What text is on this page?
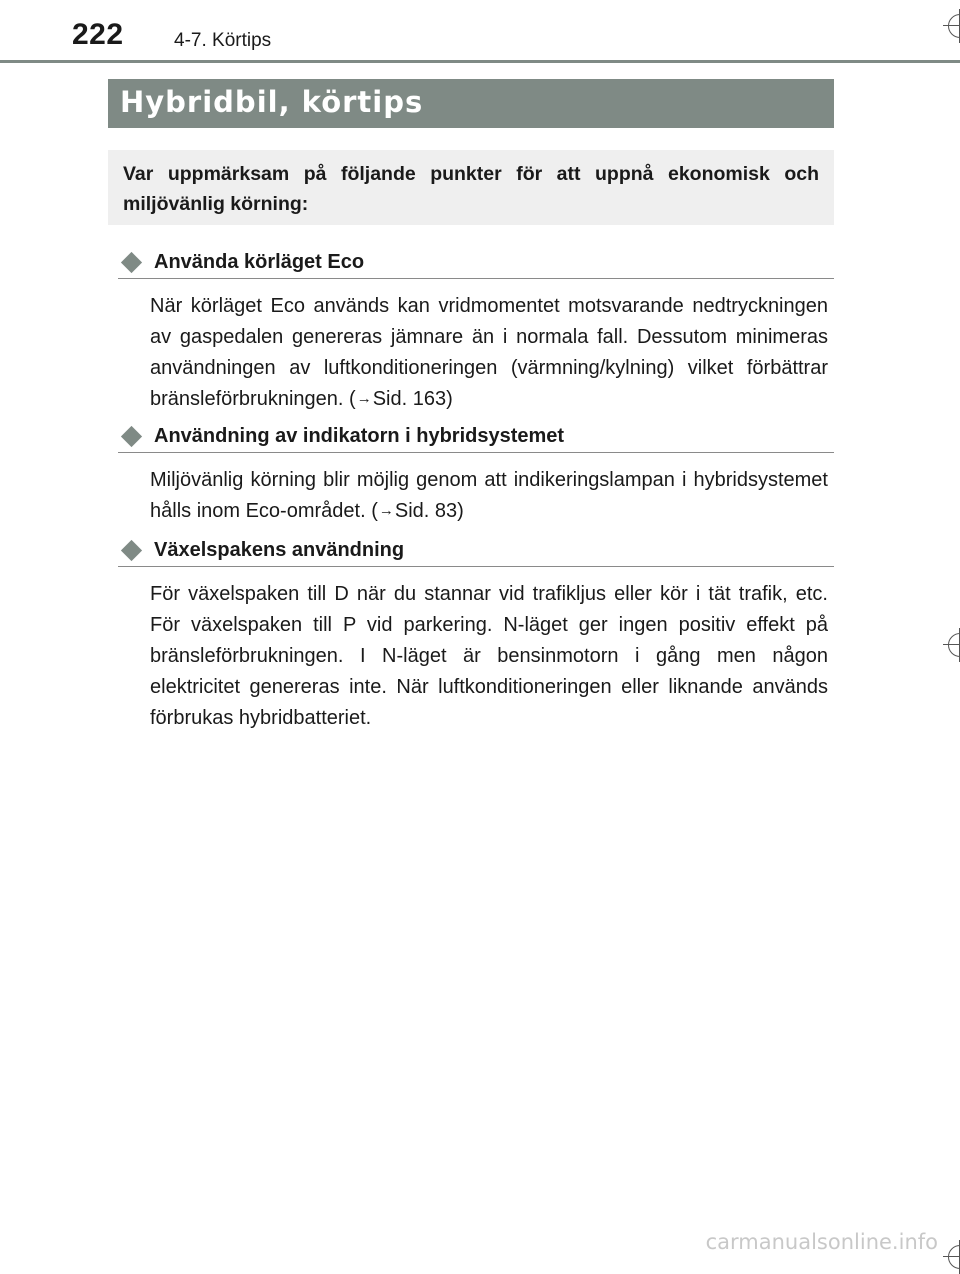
222	4-7. Körtips
Hybridbil, körtips
Var uppmärksam på följande punkter för att uppnå ekonomisk och miljövänlig körning:
Använda körläget Eco
När körläget Eco används kan vridmomentet motsvarande nedtryckningen av gaspedalen genereras jämnare än i normala fall. Dessutom minimeras användningen av luftkonditioneringen (värmning/kylning) vilket förbättrar bränsleförbrukningen. (→Sid. 163)
Användning av indikatorn i hybridsystemet
Miljövänlig körning blir möjlig genom att indikeringslampan i hybridsystemet hålls inom Eco-området. (→Sid. 83)
Växelspakens användning
För växelspaken till D när du stannar vid trafikljus eller kör i tät trafik, etc. För växelspaken till P vid parkering. N-läget ger ingen positiv effekt på bränsleförbrukningen. I N-läget är bensinmotorn i gång men någon elektricitet genereras inte. När luftkonditioneringen eller liknande används förbrukas hybridbatteriet.
carmanualsonline.info
